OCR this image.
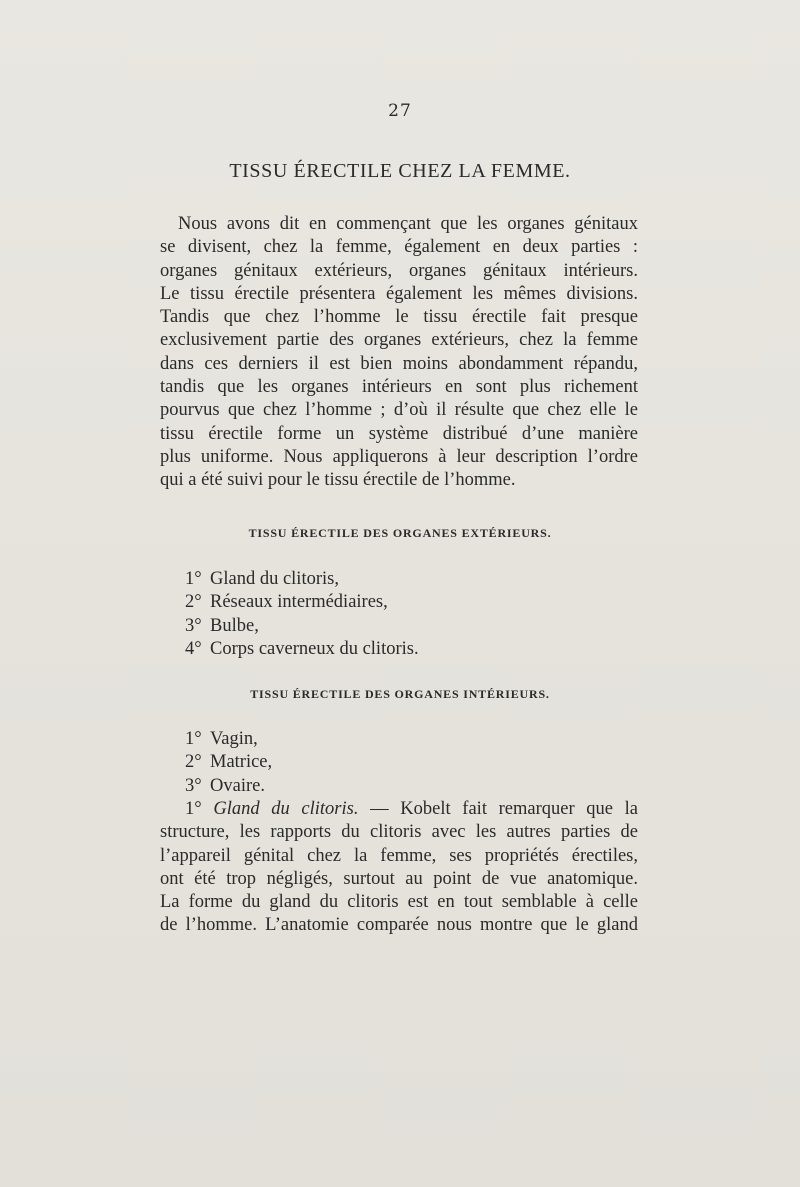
27
TISSU ÉRECTILE CHEZ LA FEMME.
Nous avons dit en commençant que les organes génitaux
se divisent, chez la femme, également en deux parties :
organes génitaux extérieurs, organes génitaux intérieurs.
Le tissu érectile présentera également les mêmes divisions.
Tandis que chez l’homme le tissu érectile fait presque
exclusivement partie des organes extérieurs, chez la femme
dans ces derniers il est bien moins abondamment répandu,
tandis que les organes intérieurs en sont plus richement
pourvus que chez l’homme ; d’où il résulte que chez elle le
tissu érectile forme un système distribué d’une manière
plus uniforme. Nous appliquerons à leur description l’ordre
qui a été suivi pour le tissu érectile de l’homme.
TISSU ÉRECTILE DES ORGANES EXTÉRIEURS.
1° Gland du clitoris,
2° Réseaux intermédiaires,
3° Bulbe,
4° Corps caverneux du clitoris.
TISSU ÉRECTILE DES ORGANES INTÉRIEURS.
1° Vagin,
2° Matrice,
3° Ovaire.
1° Gland du clitoris. — Kobelt fait remarquer que la
structure, les rapports du clitoris avec les autres parties de
l’appareil génital chez la femme, ses propriétés érectiles,
ont été trop négligés, surtout au point de vue anatomique.
La forme du gland du clitoris est en tout semblable à celle
de l’homme. L’anatomie comparée nous montre que le gland
